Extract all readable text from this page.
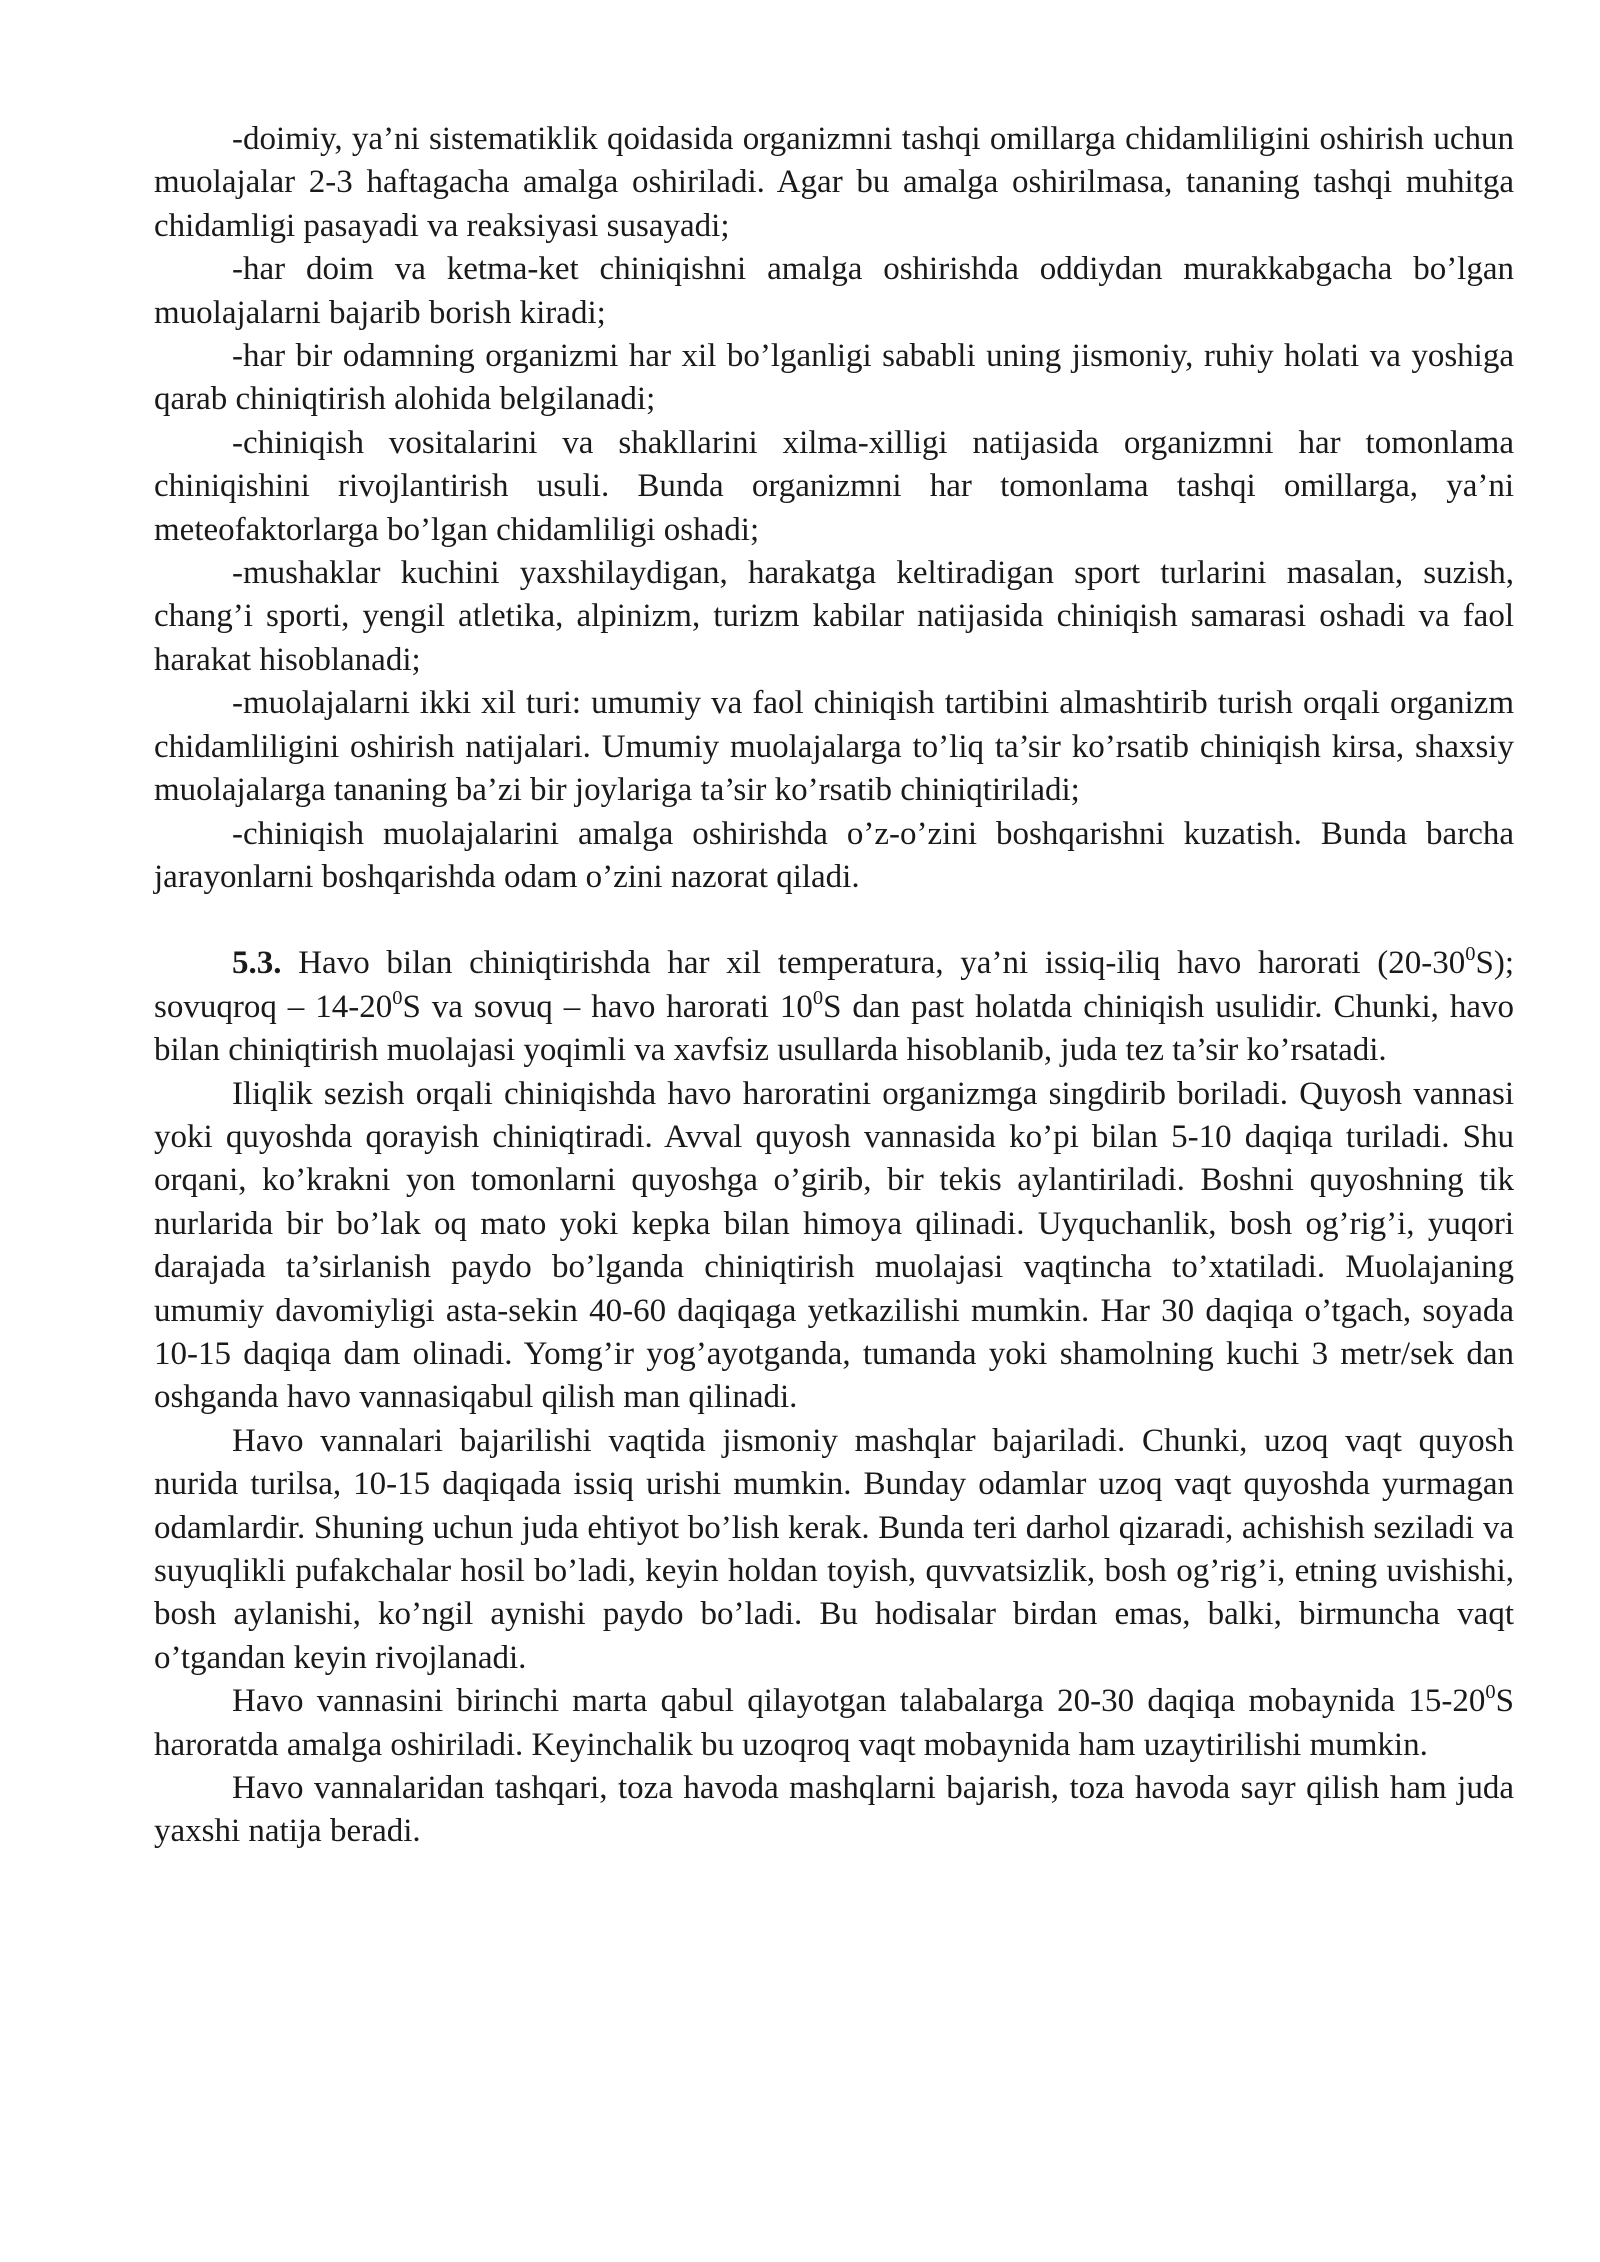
-doimiy, ya’ni sistematiklik qoidasida organizmni tashqi omillarga chidamliligini oshirish uchun muolajalar 2-3 haftagacha amalga oshiriladi. Agar bu amalga oshirilmasa, tananing tashqi muhitga chidamligi pasayadi va reaksiyasi susayadi;

-har doim va ketma-ket chiniqishni amalga oshirishda oddiydan murakkabgacha bo’lgan muolajalarni bajarib borish kiradi;

-har bir odamning organizmi har xil bo’lganligi sababli uning jismoniy, ruhiy holati va yoshiga qarab chiniqtirish alohida belgilanadi;

-chiniqish vositalarini va shakllarini xilma-xilligi natijasida organizmni har tomonlama chiniqishini rivojlantirish usuli. Bunda organizmni har tomonlama tashqi omillarga, ya’ni meteofaktorlarga bo’lgan chidamliligi oshadi;

-mushaklar kuchini yaxshilaydigan, harakatga keltiradigan sport turlarini masalan, suzish, chang’i sporti, yengil atletika, alpinizm, turizm kabilar natijasida chiniqish samarasi oshadi va faol harakat hisoblanadi;

-muolajalarni ikki xil turi: umumiy va faol chiniqish tartibini almashtirib turish orqali organizm chidamliligini oshirish natijalari. Umumiy muolajalarga to’liq ta’sir ko’rsatib chiniqish kirsa, shaxsiy muolajalarga tananing ba’zi bir joylariga ta’sir ko’rsatib chiniqtiriladi;

-chiniqish muolajalarini amalga oshirishda o’z-o’zini boshqarishni kuzatish. Bunda barcha jarayonlarni boshqarishda odam o’zini nazorat qiladi.

5.3. Havo bilan chiniqtirishda har xil temperatura, ya’ni issiq-iliq havo harorati $(20-30^0S)$; sovuqroq – $14-20^0S$ va sovuq – havo harorati $10^0S$ dan past holatda chiniqish usulidir. Chunki, havo bilan chiniqtirish muolajasi yoqimli va xavfsiz usullarda hisoblanib, juda tez ta’sir ko’rsatadi.

Iliqlik sezish orqali chiniqishda havo haroratini organizmga singdirib boriladi. Quyosh vannasi yoki quyoshda qorayish chiniqtiradi. Avval quyosh vannasida ko’pi bilan 5-10 daqiqa turiladi. Shu orqani, ko’krakni yon tomonlarni quyoshga o’girib, bir tekis aylantiriladi. Boshni quyoshning tik nurlarida bir bo’lak oq mato yoki kepka bilan himoya qilinadi. Uyquchanlik, bosh og’rig’i, yuqori darajada ta’sirlanish paydo bo’lganda chiniqtirish muolajasi vaqtincha to’xtatiladi. Muolajaning umumiy davomiyligi asta-sekin 40-60 daqiqaga yetkazilishi mumkin. Har 30 daqiqa o’tgach, soyada 10-15 daqiqa dam olinadi. Yomg’ir yog’ayotganda, tumanda yoki shamolning kuchi 3 metr/sek dan oshganda havo vannasiqabul qilish man qilinadi.

Havo vannalari bajarilishi vaqtida jismoniy mashqlar bajariladi. Chunki, uzoq vaqt quyosh nurida turilsa, 10-15 daqiqada issiq urishi mumkin. Bunday odamlar uzoq vaqt quyoshda yurmagan odamlardir. Shuning uchun juda ehtiyot bo’lish kerak. Bunda teri darhol qizaradi, achishish seziladi va suyuqlikli pufakchalar hosil bo’ladi, keyin holdan toyish, quvvatsizlik, bosh og’rig’i, etning uvishishi, bosh aylanishi, ko’ngil aynishi paydo bo’ladi. Bu hodisalar birdan emas, balki, birmuncha vaqt o’tgandan keyin rivojlanadi.

Havo vannasini birinchi marta qabul qilayotgan talabalarga 20-30 daqiqa mobaynida $15-20^0S$ haroratda amalga oshiriladi. Keyinchalik bu uzoqroq vaqt mobaynida ham uzaytirilishi mumkin.

Havo vannalaridan tashqari, toza havoda mashqlarni bajarish, toza havoda sayr qilish ham juda yaxshi natija beradi.
